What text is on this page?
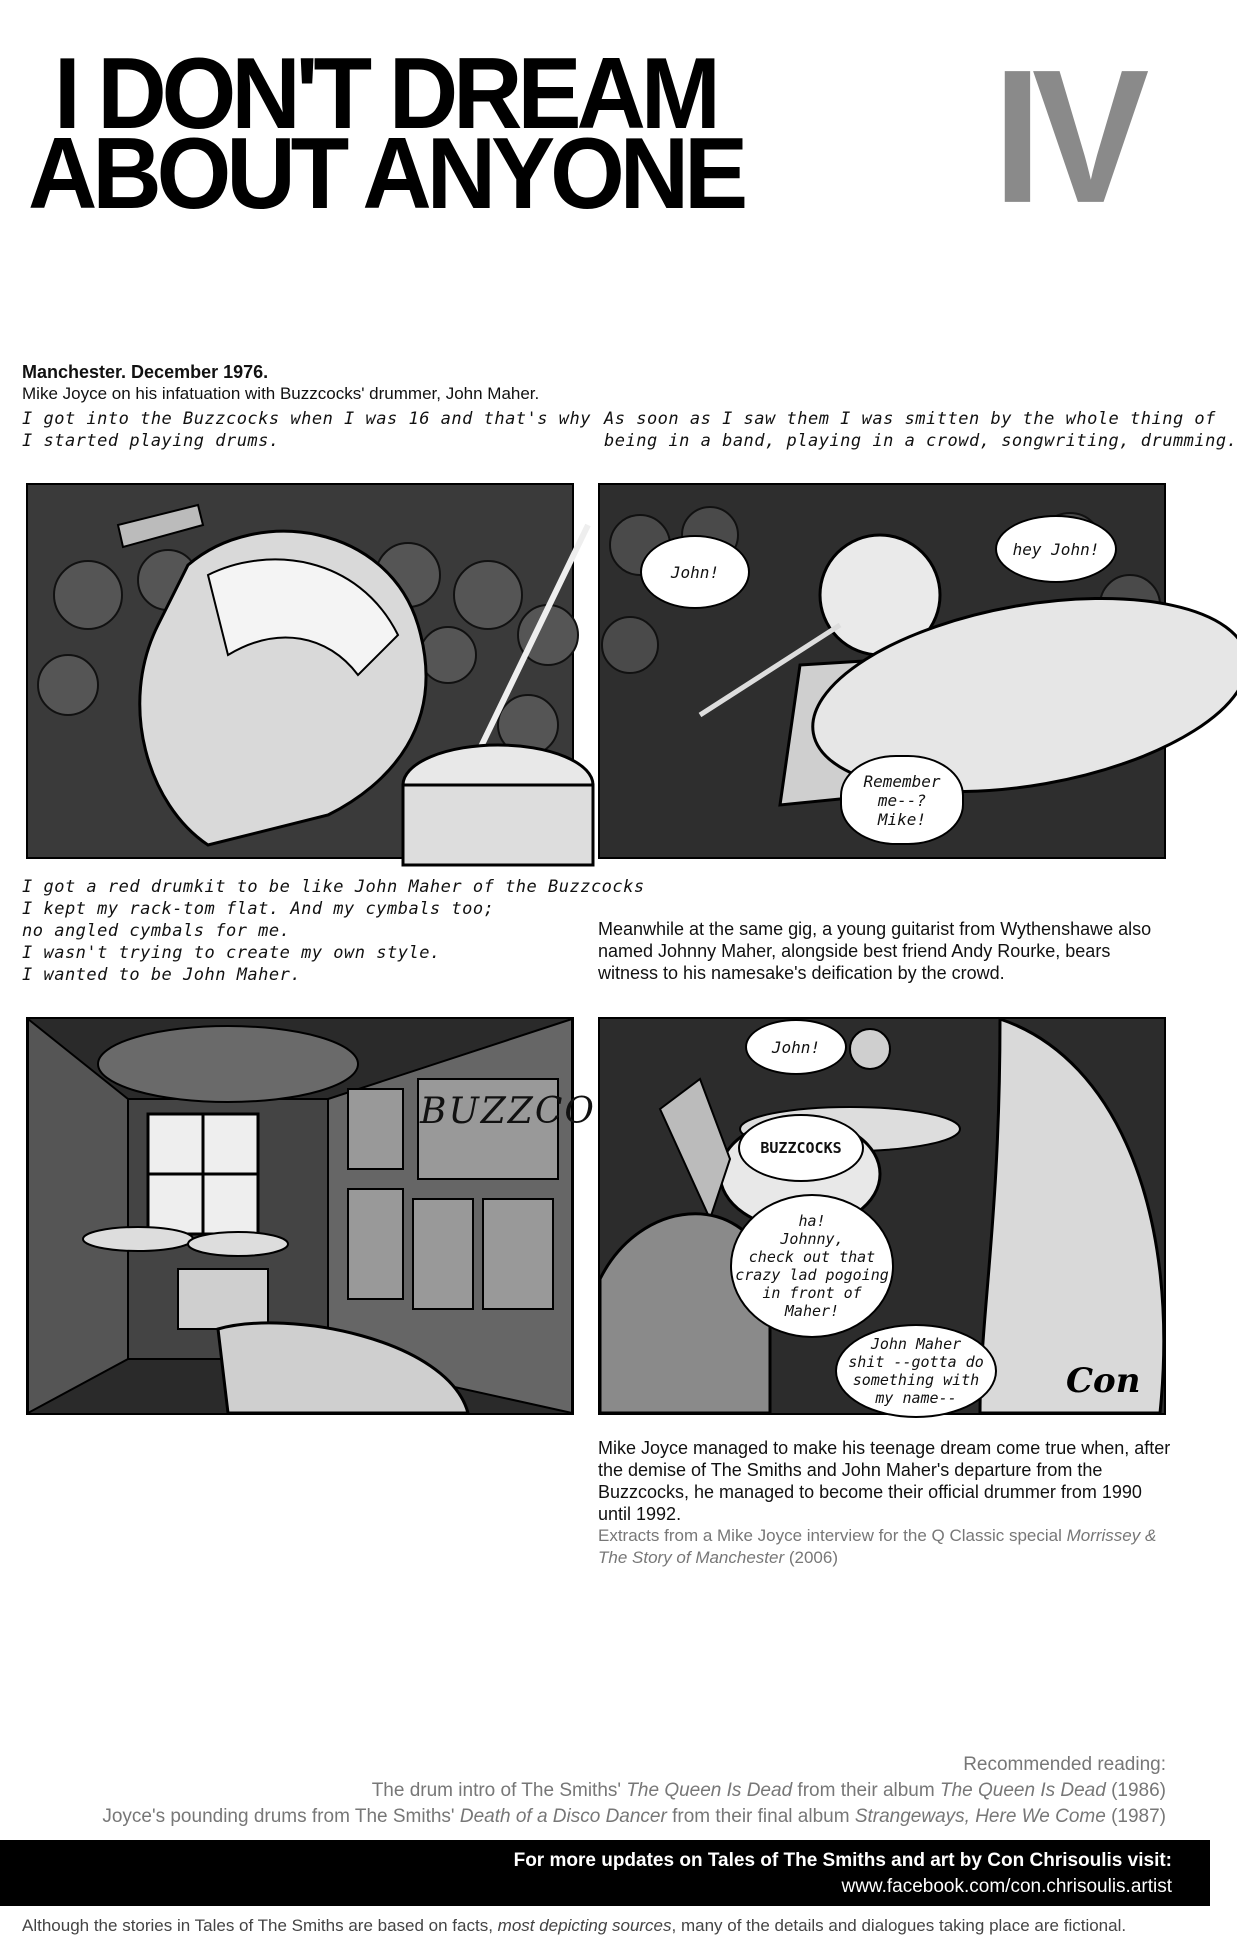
I DON'T DREAM
ABOUT ANYONE IV
Manchester. December 1976.
Mike Joyce on his infatuation with Buzzcocks' drummer, John Maher.
I got into the Buzzcocks when I was 16 and that's why
I started playing drums.
As soon as I saw them I was smitten by the whole thing of
being in a band, playing in a crowd, songwriting, drumming.
John!
hey John!
Remember
me--?
Mike!
I got a red drumkit to be like John Maher of the Buzzcocks
I kept my rack-tom flat. And my cymbals too;
no angled cymbals for me.
I wasn't trying to create my own style.
I wanted to be John Maher.
Meanwhile at the same gig, a young guitarist from Wythenshawe also named Johnny Maher, alongside best friend Andy Rourke, bears witness to his namesake's deification by the crowd.
BUZZCO
BUZZCOCKS
John!
ha!
Johnny,
check out that
crazy lad pogoing
in front of
Maher!
John Maher
shit --gotta do
something with
my name--	Con
Mike Joyce managed to make his teenage dream come true when, after the demise of The Smiths and John Maher's departure from the Buzzcocks, he managed to become their official drummer from 1990 until 1992.
Extracts from a Mike Joyce interview for the Q Classic special Morrissey & The Story of Manchester (2006)
Recommended reading:
The drum intro of The Smiths' The Queen Is Dead from their album The Queen Is Dead (1986)
Joyce's pounding drums from The Smiths' Death of a Disco Dancer from their final album Strangeways, Here We Come (1987)
For more updates on Tales of The Smiths and art by Con Chrisoulis visit:
www.facebook.com/con.chrisoulis.artist
Although the stories in Tales of The Smiths are based on facts, most depicting sources, many of the details and dialogues taking place are fictional.
